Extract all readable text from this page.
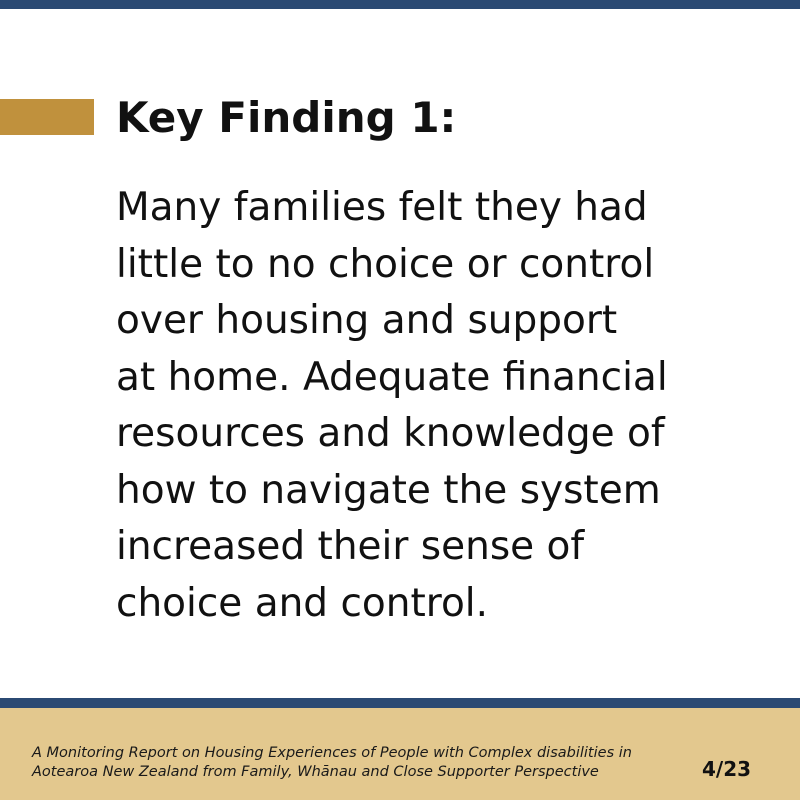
Key Finding 1:

Many families felt they had
little to no choice or control
over housing and support
at home. Adequate financial
resources and knowledge of
how to navigate the system
increased their sense of
choice and control.

A Monitoring Report on Housing Experiences of People with Complex disabilities in
Aotearoa New Zealand from Family, Whānau and Close Supporter Perspective	4/23
